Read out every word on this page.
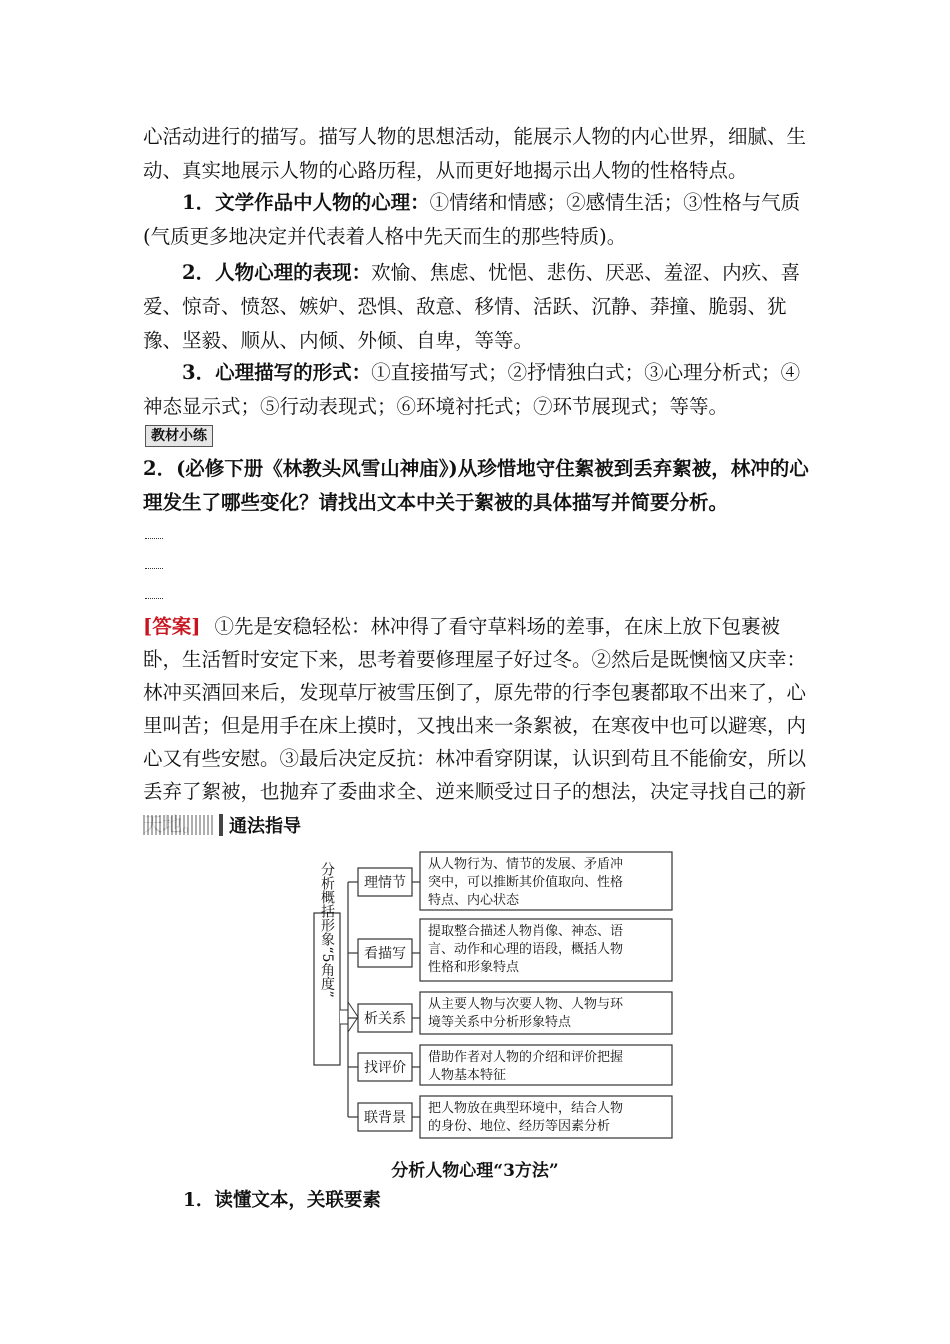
心活动进行的描写。描写人物的思想活动，能展示人物的内心世界，细腻、生
动、真实地展示人物的心路历程，从而更好地揭示出人物的性格特点。
1．文学作品中人物的心理：①情绪和情感；②感情生活；③性格与气质(气质更多地决定并代表着人格中先天而生的那些特质)。
2．人物心理的表现：欢愉、焦虑、忧悒、悲伤、厌恶、羞涩、内疚、喜爱、惊奇、愤怒、嫉妒、恐惧、敌意、移情、活跃、沉静、莽撞、脆弱、犹豫、坚毅、顺从、内倾、外倾、自卑，等等。
3．心理描写的形式：①直接描写式；②抒情独白式；③心理分析式；④神态显示式；⑤行动表现式；⑥环境衬托式；⑦环节展现式；等等。
教材小练
2．(必修下册《林教头风雪山神庙》)从珍惜地守住絮被到丢弃絮被，林冲的心理发生了哪些变化？请找出文本中关于絮被的具体描写并简要分析。
[答案] ①先是安稳轻松：林冲得了看守草料场的差事，在床上放下包裹被卧，生活暂时安定下来，思考着要修理屋子好过冬。②然后是既懊恼又庆幸：林冲买酒回来后，发现草厅被雪压倒了，原先带的行李包裹都取不出来了，心里叫苦；但是用手在床上摸时，又拽出来一条絮被，在寒夜中也可以避寒，内心又有些安慰。③最后决定反抗：林冲看穿阴谋，认识到苟且不能偷安，所以丢弃了絮被，也抛弃了委曲求全、逆来顺受过日子的想法，决定寻找自己的新
通法指导
分析概括形象“5角度” 理情节
从人物行为、情节的发展、矛盾冲
突中，可以推断其价值取向、性格
特点、内心状态
看描写
提取整合描述人物肖像、神态、语
言、动作和心理的语段，概括人物
性格和形象特点
析关系
从主要人物与次要人物、人物与环
境等关系中分析形象特点
找评价
借助作者对人物的介绍和评价把握
人物基本特征
联背景
把人物放在典型环境中，结合人物
的身份、地位、经历等因素分析
分析人物心理“3方法”
1．读懂文本，关联要素
